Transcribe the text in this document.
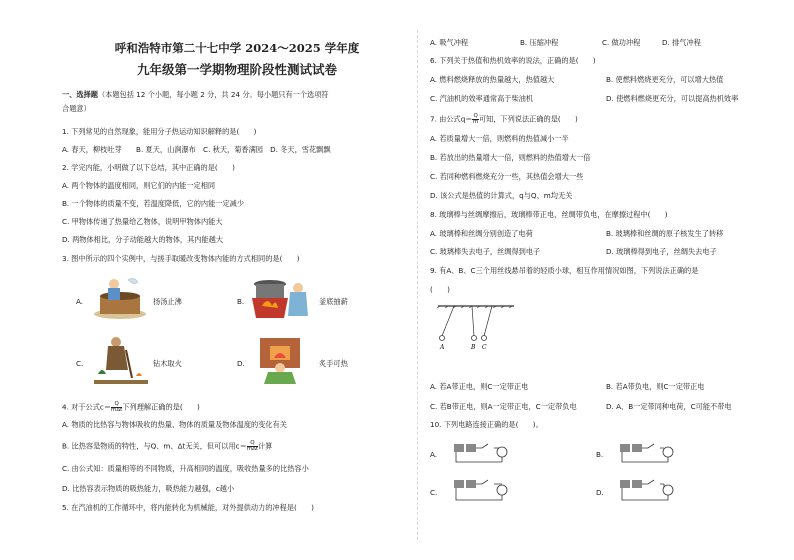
呼和浩特市第二十七中学 2024～2025 学年度
九年级第一学期物理阶段性测试试卷
一、选择题（本题包括 12 个小题，每小题 2 分，共 24 分。每小题只有一个选项符
合题意）
1. 下列常见的自然现象，能用分子热运动知识解释的是(　　)
A. 春天，柳枝吐芽　　B. 夏天，山涧瀑布　C. 秋天，菊香满园　D. 冬天，雪花飘飘
2. 学完内能，小明做了以下总结，其中正确的是(　　)
A. 两个物体的温度相同，则它们的内能一定相同
B. 一个物体的质量不变，若温度降低，它的内能一定减少
C. 甲物体传递了热量给乙物体，说明甲物体内能大
D. 两物体相比，分子动能越大的物体，其内能越大
3. 图中所示的四个实例中，与搓手取暖改变物体内能的方式相同的是(　　)
A.	扬汤止沸	B.	釜底抽薪
C.	钻木取火	D.	炙手可热
4. 对于公式$c= \frac{Q}{\text{mΔt}}$ 下列理解正确的是(　　)
A. 物质的比热容与物体吸收的热量、物体的质量及物体温度的变化有关
B. 比热容是物质的特性，与Q、m、Δt无关，但可以用$c= \frac{Q}{\text{mΔt}}$ 计算
C. 由公式知：质量相等的不同物质，升高相同的温度，吸收热量多的比热容小
D. 比热容表示物质的吸热能力，吸热能力越强，c越小
5. 在汽油机的工作循环中，将内能转化为机械能，对外提供动力的冲程是(　　)
A. 吸气冲程	B. 压缩冲程	C. 做功冲程	D. 排气冲程
6. 下列关于热值和热机效率的说法，正确的是(　　)
A. 燃料燃烧释放的热量越大，热值越大	B. 使燃料燃烧更充分，可以增大热值
C. 汽油机的效率通常高于柴油机	D. 使燃料燃烧更充分，可以提高热机效率
7. 由公式$q= \frac{Q}{m}$ 可知，下列说法正确的是(　　)
A. 若质量增大一倍，则燃料的热值减小一半
B. 若放出的热量增大一倍，则燃料的热值增大一倍
C. 若同种燃料燃烧充分一些，其热值会增大一些
D. 该公式是热值的计算式，q与Q、m均无关
8. 玻璃棒与丝绸摩擦后，玻璃棒带正电，丝绸带负电，在摩擦过程中(　　)
A. 玻璃棒和丝绸分别创造了电荷	B. 玻璃棒和丝绸的原子核发生了转移
C. 玻璃棒失去电子，丝绸得到电子	D. 玻璃棒得到电子，丝绸失去电子
9. 有A、B、C三个用丝线悬吊着的轻质小球，相互作用情况如图，下列说法正确的是
(　　)
A	B C
A. 若A带正电，则C一定带正电	B. 若A带负电，则C一定带正电
C. 若B带正电，则A一定带正电，C一定带负电	D. A、B一定带同种电荷，C可能不带电
10. 下列电路连接正确的是(　　)。
A.	B.
C.	D.
